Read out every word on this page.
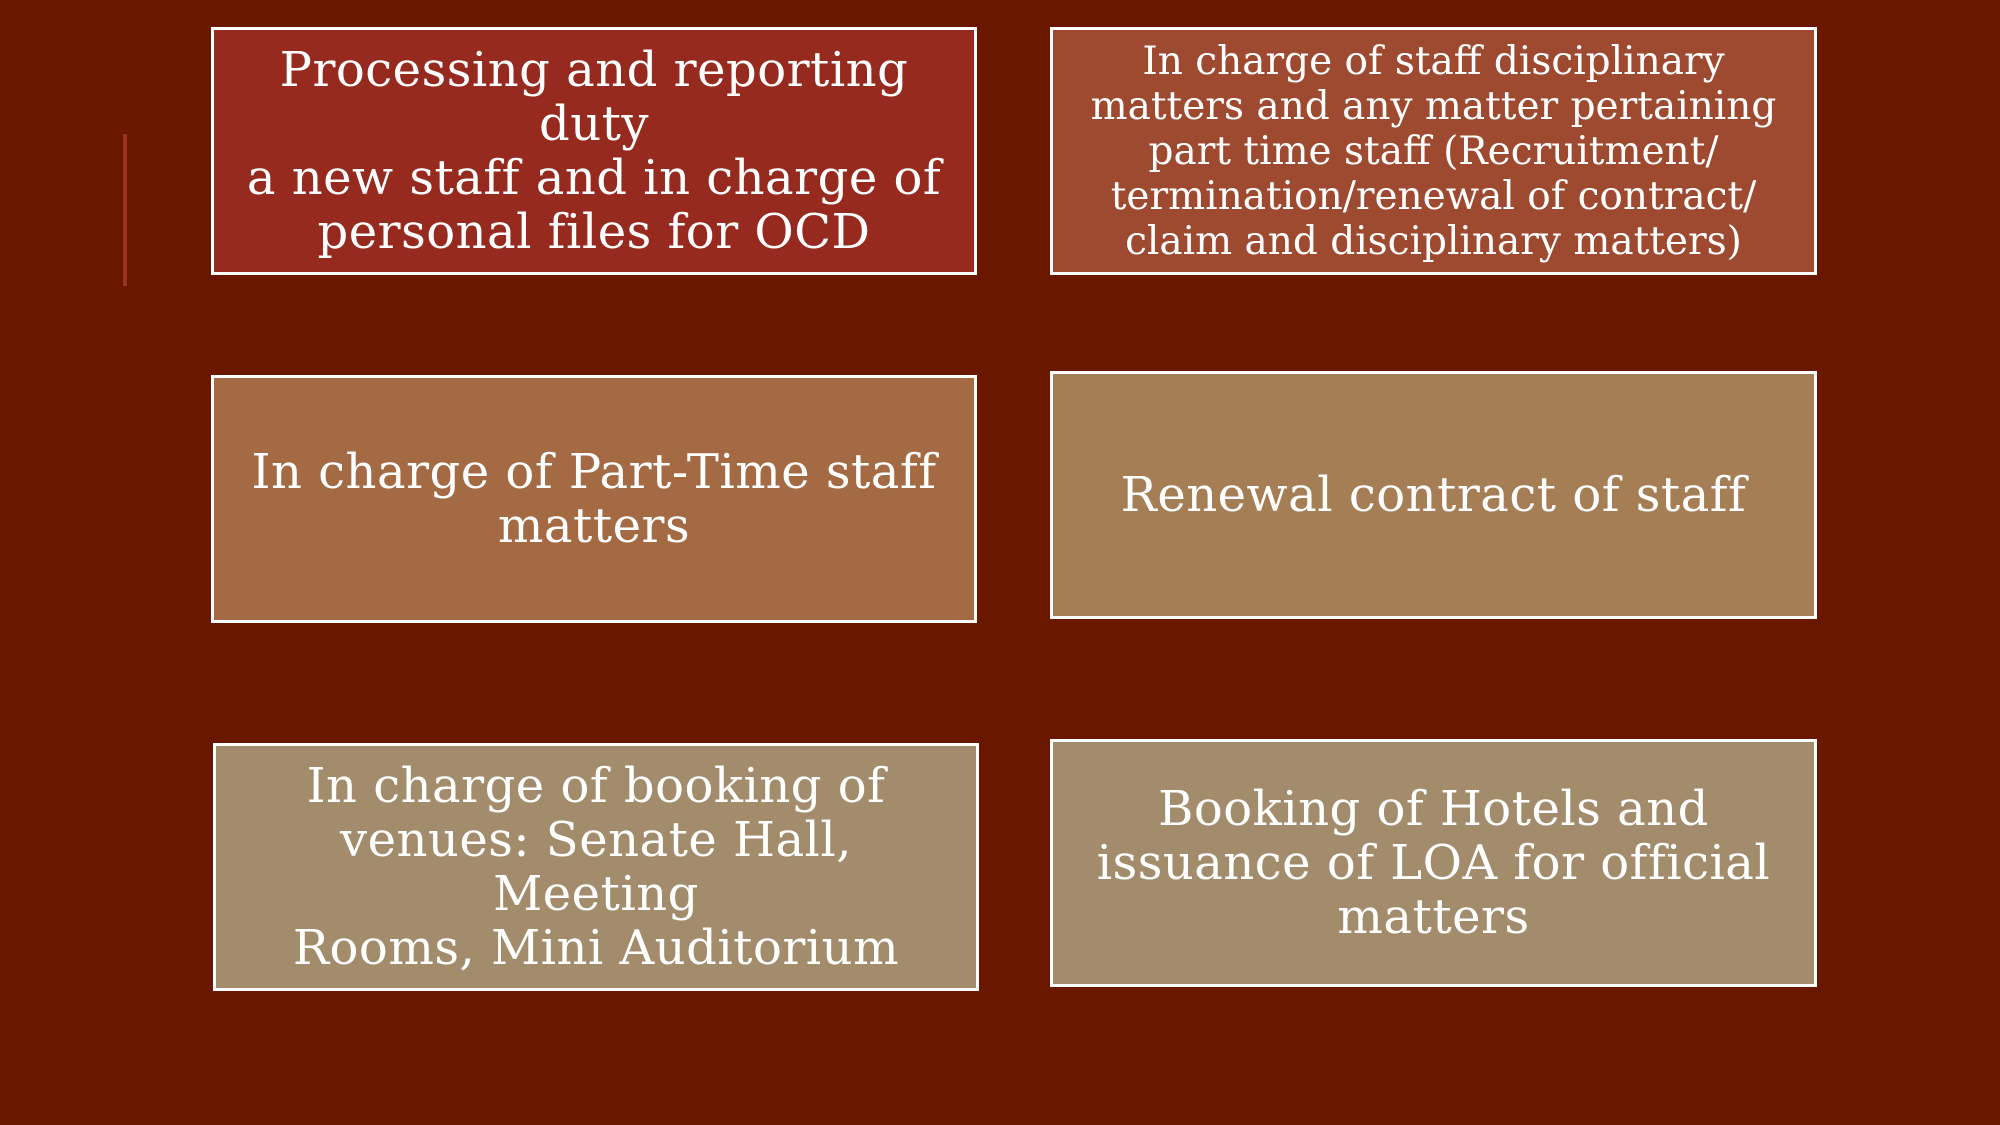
Processing and reporting duty
a new staff and in charge of
personal files for OCD
In charge of staff disciplinary
matters and any matter pertaining
part time staff (Recruitment/
termination/renewal of contract/
claim and disciplinary matters)
In charge of Part-Time staff
matters
Renewal contract of staff
In charge of booking of
venues: Senate Hall, Meeting
Rooms, Mini Auditorium
Booking of Hotels and
issuance of LOA for official
matters
